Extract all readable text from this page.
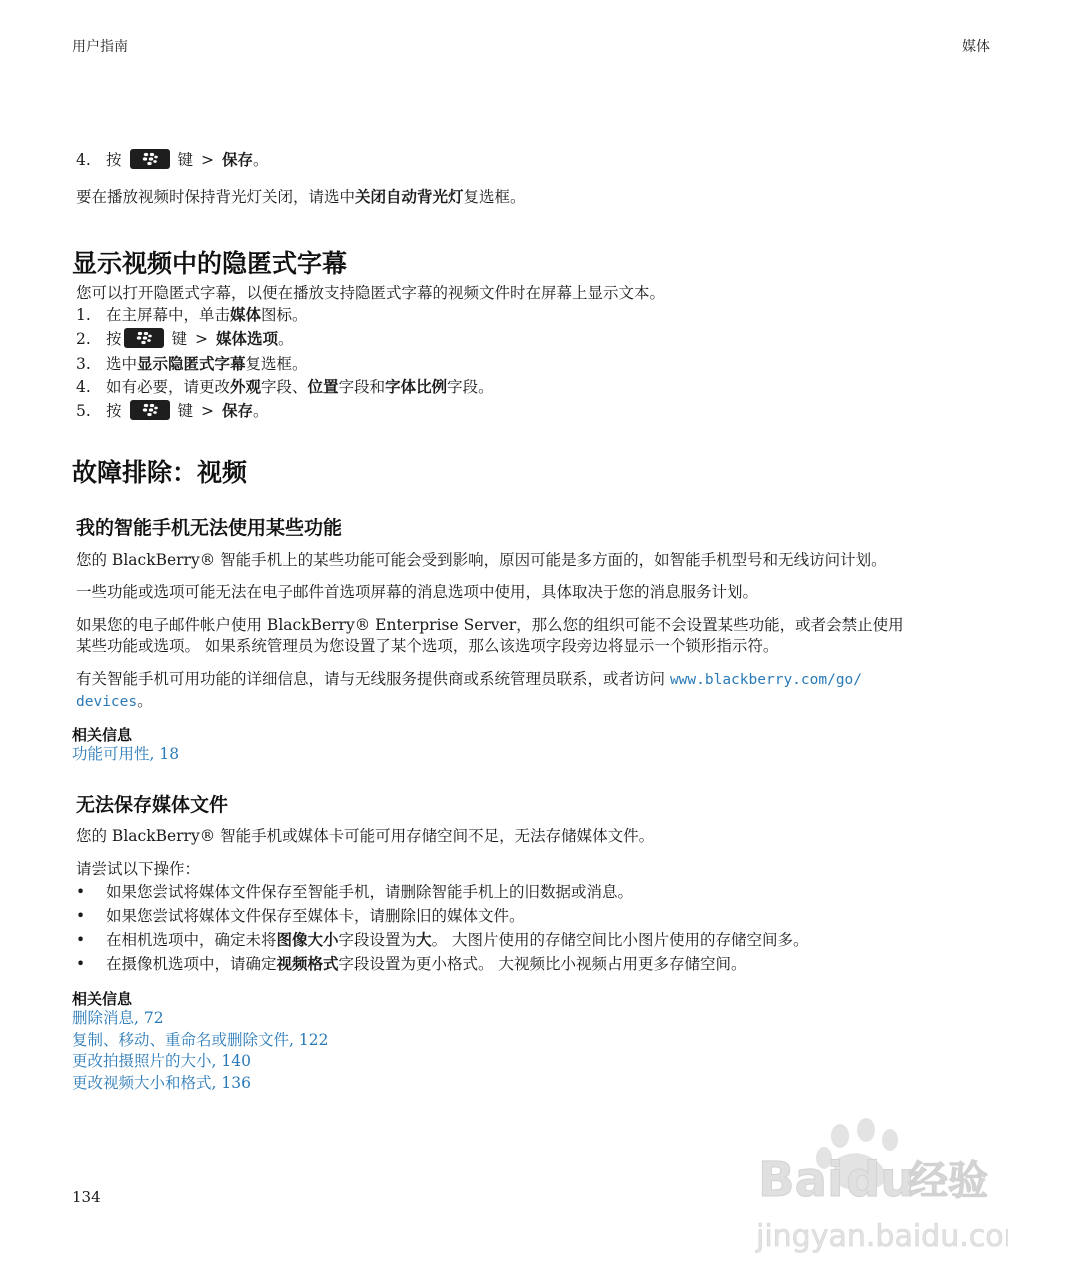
用户指南	媒体
4. 按	键 > 保存。
要在播放视频时保持背光灯关闭，请选中关闭自动背光灯复选框。
显示视频中的隐匿式字幕
您可以打开隐匿式字幕，以便在播放支持隐匿式字幕的视频文件时在屏幕上显示文本。
1. 在主屏幕中，单击媒体图标。
2. 按	键 > 媒体选项。
3. 选中显示隐匿式字幕复选框。
4. 如有必要，请更改外观字段、位置字段和字体比例字段。
5. 按	键 > 保存。
故障排除：视频
我的智能手机无法使用某些功能
您的 BlackBerry® 智能手机上的某些功能可能会受到影响，原因可能是多方面的，如智能手机型号和无线访问计划。
一些功能或选项可能无法在电子邮件首选项屏幕的消息选项中使用，具体取决于您的消息服务计划。
如果您的电子邮件帐户使用 BlackBerry® Enterprise Server，那么您的组织可能不会设置某些功能，或者会禁止使用
某些功能或选项。 如果系统管理员为您设置了某个选项，那么该选项字段旁边将显示一个锁形指示符。
有关智能手机可用功能的详细信息，请与无线服务提供商或系统管理员联系，或者访问 www.blackberry.com/go/
devices。
相关信息
功能可用性, 18
无法保存媒体文件
您的 BlackBerry® 智能手机或媒体卡可能可用存储空间不足，无法存储媒体文件。
请尝试以下操作：
• 如果您尝试将媒体文件保存至智能手机，请删除智能手机上的旧数据或消息。
• 如果您尝试将媒体文件保存至媒体卡，请删除旧的媒体文件。
• 在相机选项中，确定未将图像大小字段设置为大。 大图片使用的存储空间比小图片使用的存储空间多。
• 在摄像机选项中，请确定视频格式字段设置为更小格式。 大视频比小视频占用更多存储空间。
相关信息
删除消息, 72
复制、移动、重命名或删除文件, 122
更改拍摄照片的大小, 140
更改视频大小和格式, 136
134	Bai du
经验
jingyan.baidu.com
